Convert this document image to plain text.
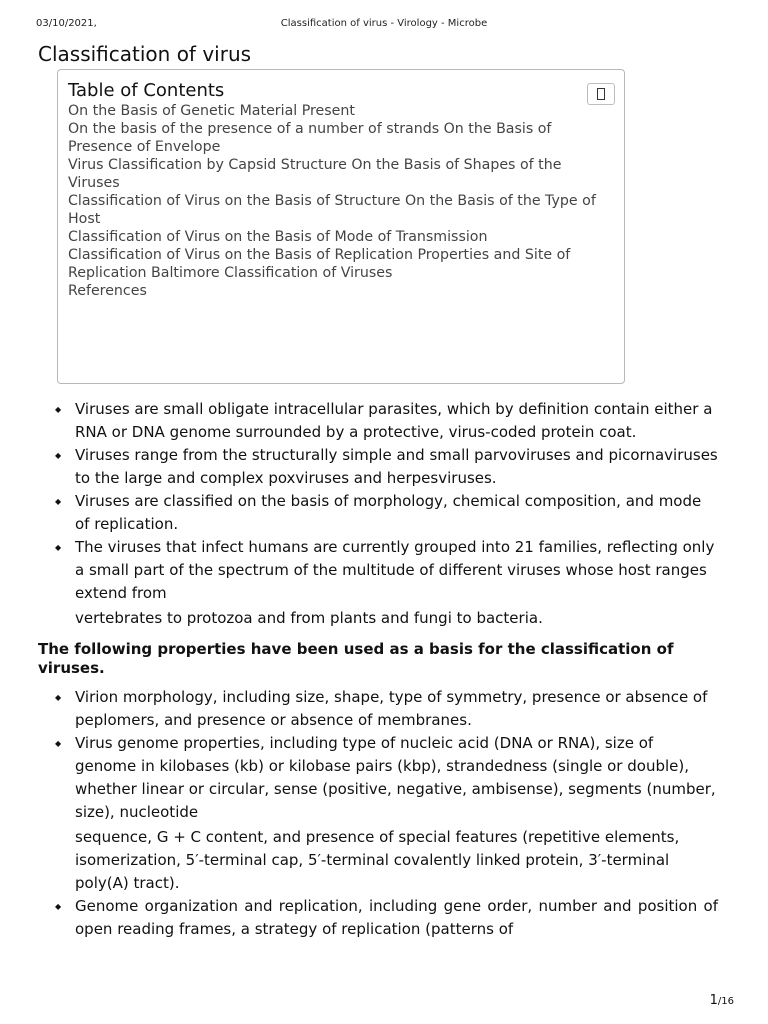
03/10/2021,	Classification of virus - Virology - Microbe
Classification of virus
Table of Contents
On the Basis of Genetic Material Present
On the basis of the presence of a number of strands On the Basis of Presence of Envelope
Virus Classification by Capsid Structure On the Basis of Shapes of the Viruses
Classification of Virus on the Basis of Structure On the Basis of the Type of Host
Classification of Virus on the Basis of Mode of Transmission
Classification of Virus on the Basis of Replication Properties and Site of Replication Baltimore Classification of Viruses
References
◆ Viruses are small obligate intracellular parasites, which by definition contain either a RNA or DNA genome surrounded by a protective, virus-coded protein coat.
◆ Viruses range from the structurally simple and small parvoviruses and picornaviruses to the large and complex poxviruses and herpesviruses.
◆ Viruses are classified on the basis of morphology, chemical composition, and mode of replication.
◆ The viruses that infect humans are currently grouped into 21 families, reflecting only a small part of the spectrum of the multitude of different viruses whose host ranges extend from
vertebrates to protozoa and from plants and fungi to bacteria.
The following properties have been used as a basis for the classification of viruses.
◆ Virion morphology, including size, shape, type of symmetry, presence or absence of peplomers, and presence or absence of membranes.
◆ Virus genome properties, including type of nucleic acid (DNA or RNA), size of genome in kilobases (kb) or kilobase pairs (kbp), strandedness (single or double), whether linear or circular, sense (positive, negative, ambisense), segments (number, size), nucleotide
sequence, G + C content, and presence of special features (repetitive elements, isomerization, 5′-terminal cap, 5′-terminal covalently linked protein, 3′-terminal poly(A) tract).
◆ Genome organization and replication, including gene order, number and position of open reading frames, a strategy of replication (patterns of
1/16
